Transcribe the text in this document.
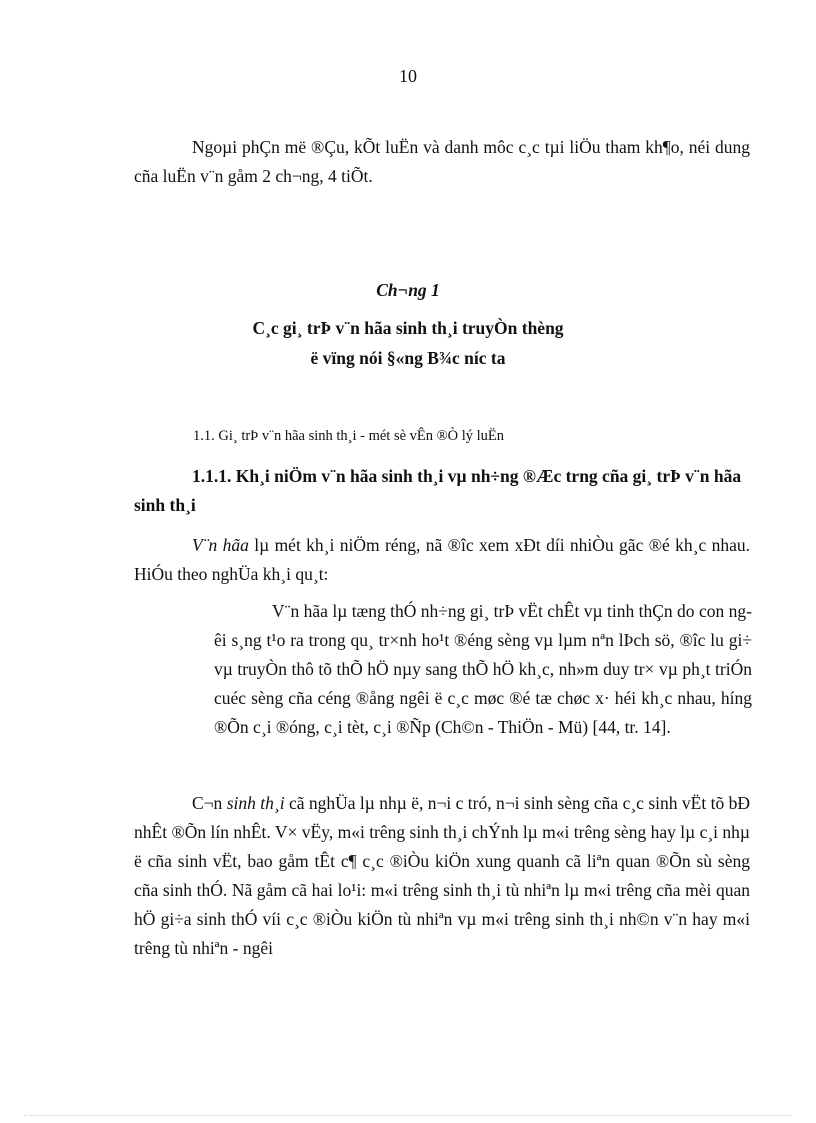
10

Ngoµi phÇn më ®Çu, kÕt luËn và danh môc c¸c tµi liÖu tham kh¶o, néi dung cña luËn v¨n gåm 2 ch¬ng, 4 tiÕt.

Ch¬ng 1

C¸c gi¸ trÞ v¨n hãa sinh th¸i truyÒn thèng

ë vïng nói §«ng B¾c níc ta

1.1. Gi¸ trÞ v¨n hãa sinh th¸i - mét sè vÊn ®Ò lý luËn

1.1.1. Kh¸i niÖm v¨n hãa sinh th¸i vµ nh÷ng ®Æc trng cña gi¸ trÞ v¨n hãa sinh th¸i

V¨n hãa lµ mét kh¸i niÖm réng, nã ®îc xem xÐt díi nhiÒu gãc ®é kh¸c nhau. HiÓu theo nghÜa kh¸i qu¸t:

V¨n hãa lµ tæng thÓ nh÷ng gi¸ trÞ vËt chÊt vµ tinh thÇn do con ngêi s¸ng t¹o ra trong qu¸ tr×nh ho¹t ®éng sèng vµ lµm nªn lÞch sö, ®îc lu gi÷ vµ truyÒn thô tõ thÕ hÖ nµy sang thÕ hÖ kh¸c, nh»m duy tr× vµ ph¸t triÓn cuéc sèng cña céng ®ång ngêi ë c¸c møc ®é tæ chøc x· héi kh¸c nhau, híng ®Õn c¸i ®óng, c¸i tèt, c¸i ®Ñp (Ch©n - ThiÖn - Mü) [44, tr. 14].

C¬n sinh th¸i cã nghÜa lµ nhµ ë, n¬i c tró, n¬i sinh sèng cña c¸c sinh vËt tõ bÐ nhÊt ®Õn lín nhÊt. V× vËy, m«i trêng sinh th¸i chÝnh lµ m«i trêng sèng hay lµ c¸i nhµ ë cña sinh vËt, bao gåm tÊt c¶ c¸c ®iÒu kiÖn xung quanh cã liªn quan ®Õn sù sèng cña sinh thÓ. Nã gåm cã hai lo¹i: m«i trêng sinh th¸i tù nhiªn lµ m«i trêng cña mèi quan hÖ gi÷a sinh thÓ víi c¸c ®iÒu kiÖn tù nhiªn vµ m«i trêng sinh th¸i nh©n v¨n hay m«i trêng tù nhiªn - ngêi
